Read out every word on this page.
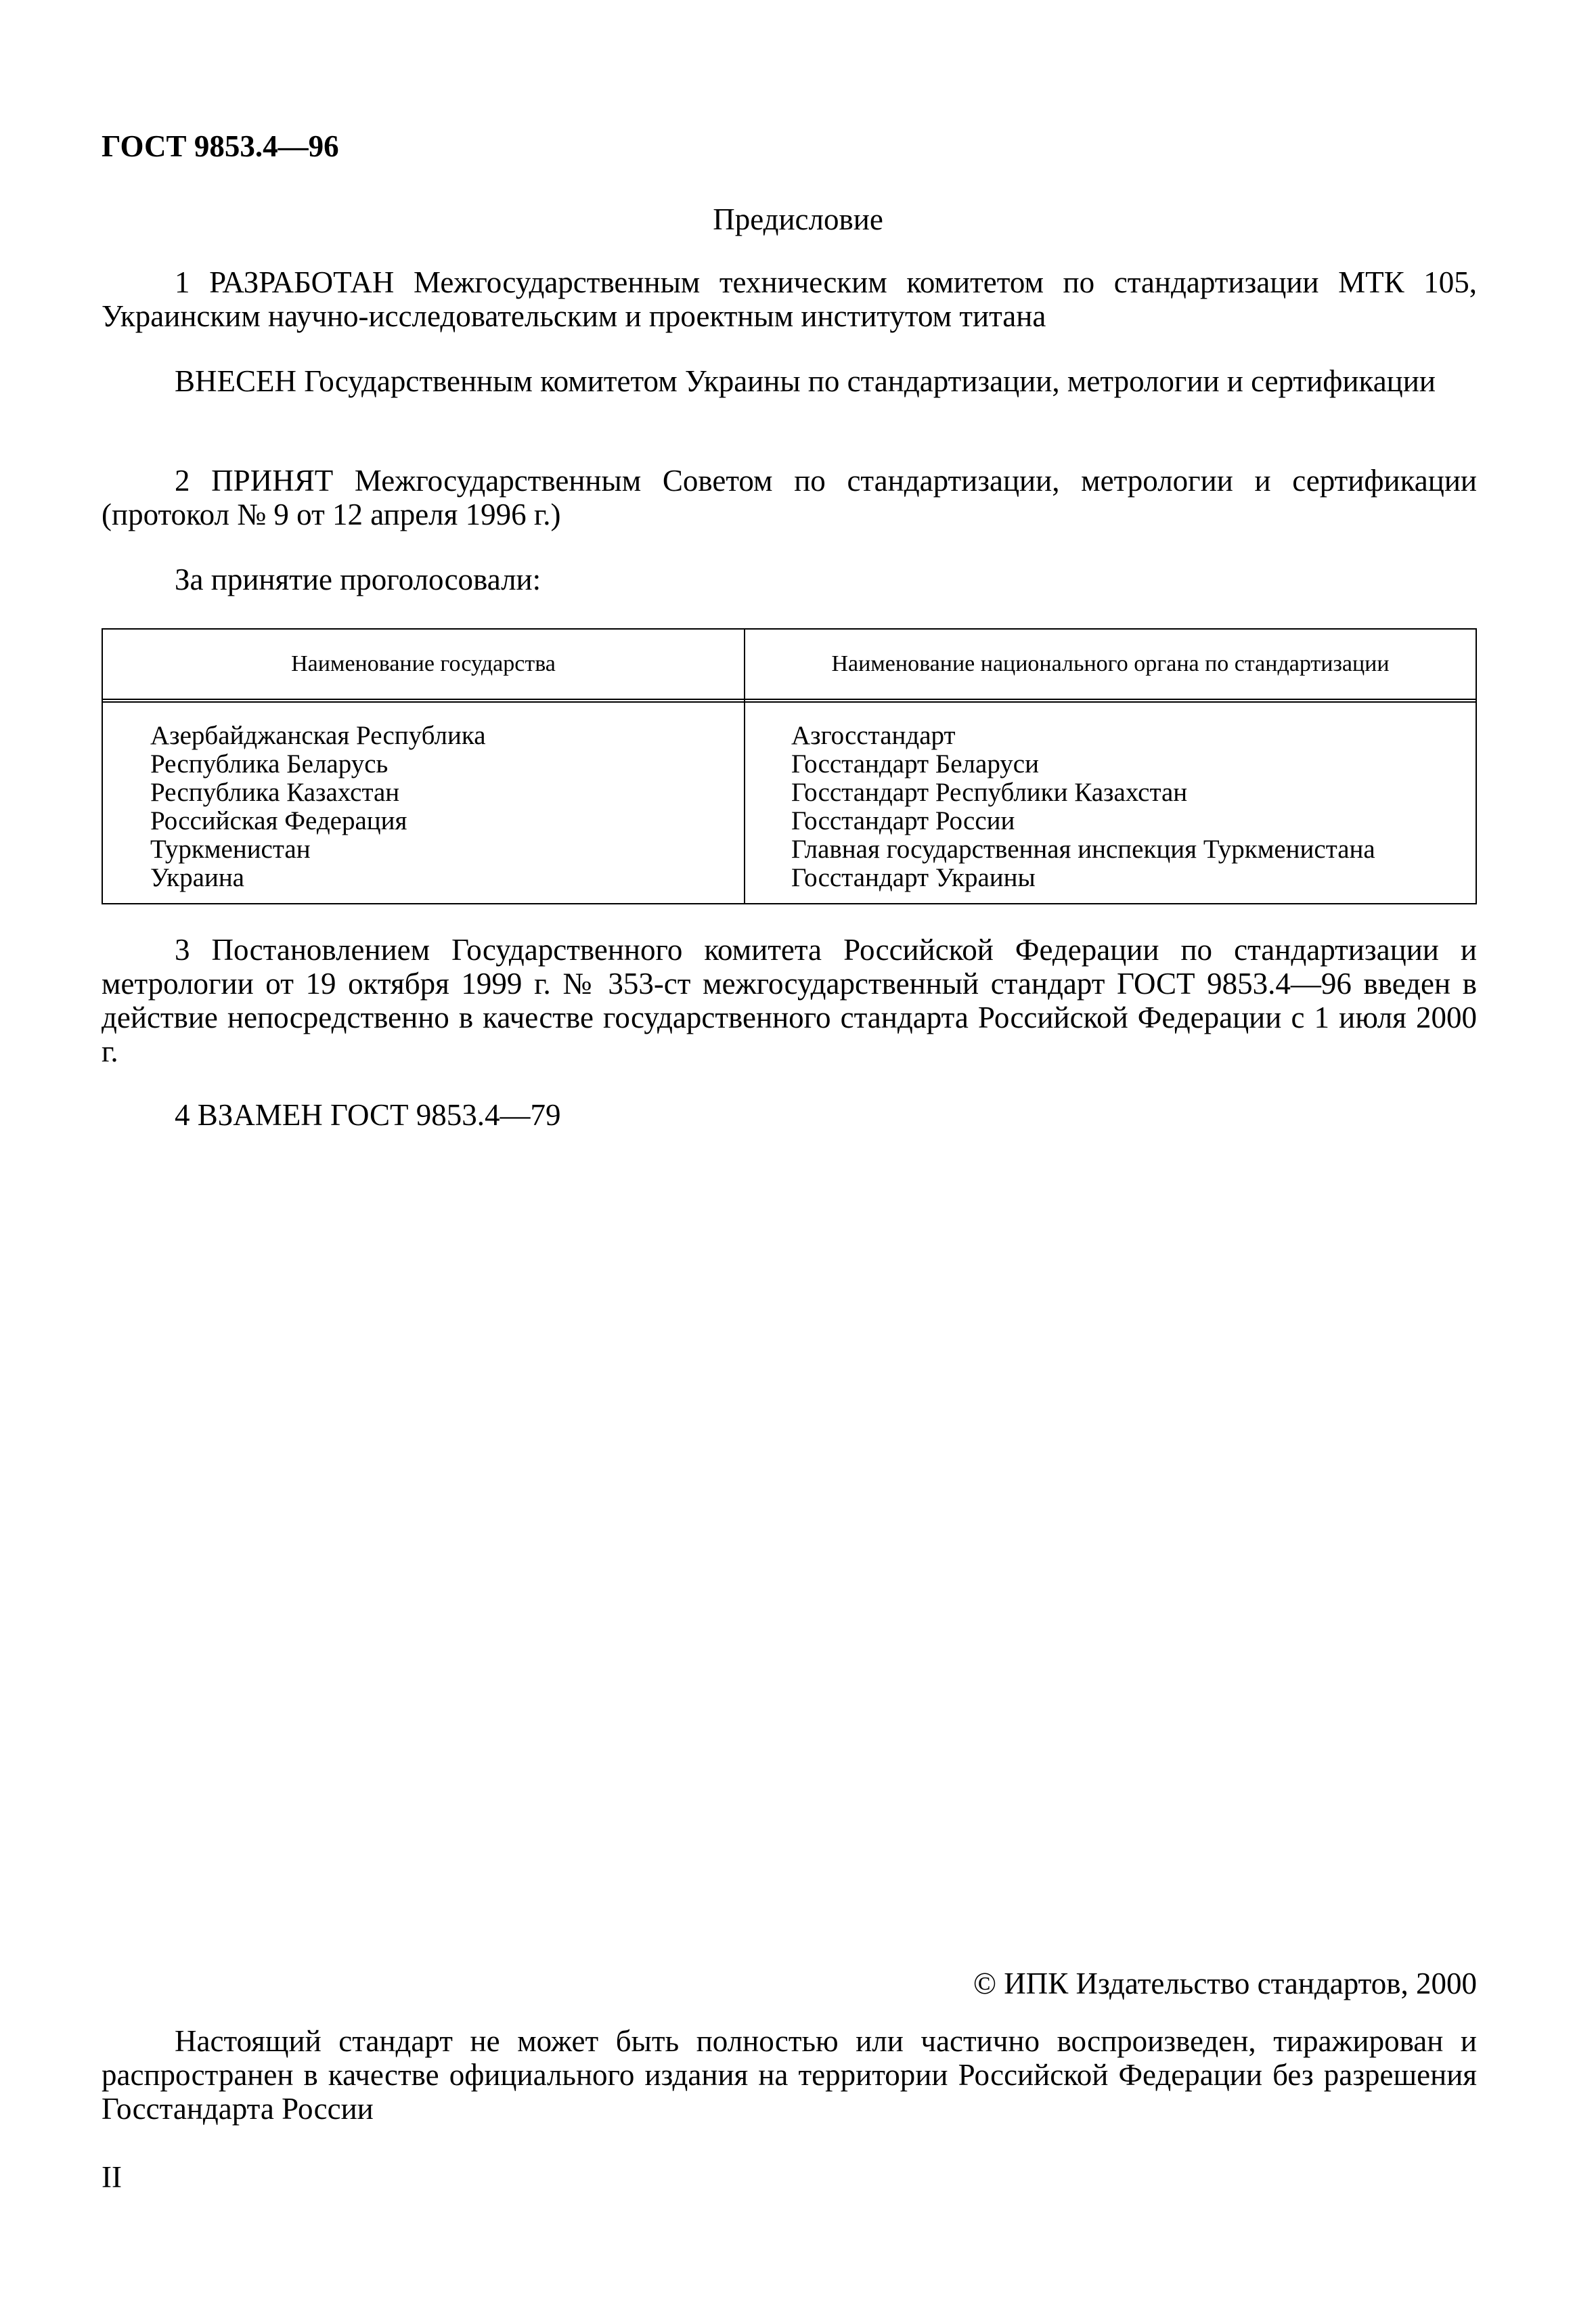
ГОСТ 9853.4—96
Предисловие

1 РАЗРАБОТАН Межгосударственным техническим комитетом по стандартизации МТК 105, Украинским научно-исследовательским и проектным институтом титана

ВНЕСЕН Государственным комитетом Украины по стандартизации, метрологии и сертификации

2 ПРИНЯТ Межгосударственным Советом по стандартизации, метрологии и сертификации (протокол № 9 от 12 апреля 1996 г.)

За принятие проголосовали:
Наименование государства	Наименование национального органа по стандартизации
Азербайджанская Республика
Республика Беларусь
Республика Казахстан
Российская Федерация
Туркменистан
Украина
Азгосстандарт
Госстандарт Беларуси
Госстандарт Республики Казахстан
Госстандарт России
Главная государственная инспекция Туркменистана
Госстандарт Украины

3 Постановлением Государственного комитета Российской Федерации по стандартизации и метрологии от 19 октября 1999 г. № 353-ст межгосударственный стандарт ГОСТ 9853.4—96 введен в действие непосредственно в качестве государственного стандарта Российской Федерации с 1 июля 2000 г.

4 ВЗАМЕН ГОСТ 9853.4—79

© ИПК Издательство стандартов, 2000

Настоящий стандарт не может быть полностью или частично воспроизведен, тиражирован и распространен в качестве официального издания на территории Российской Федерации без разрешения Госстандарта России

II
